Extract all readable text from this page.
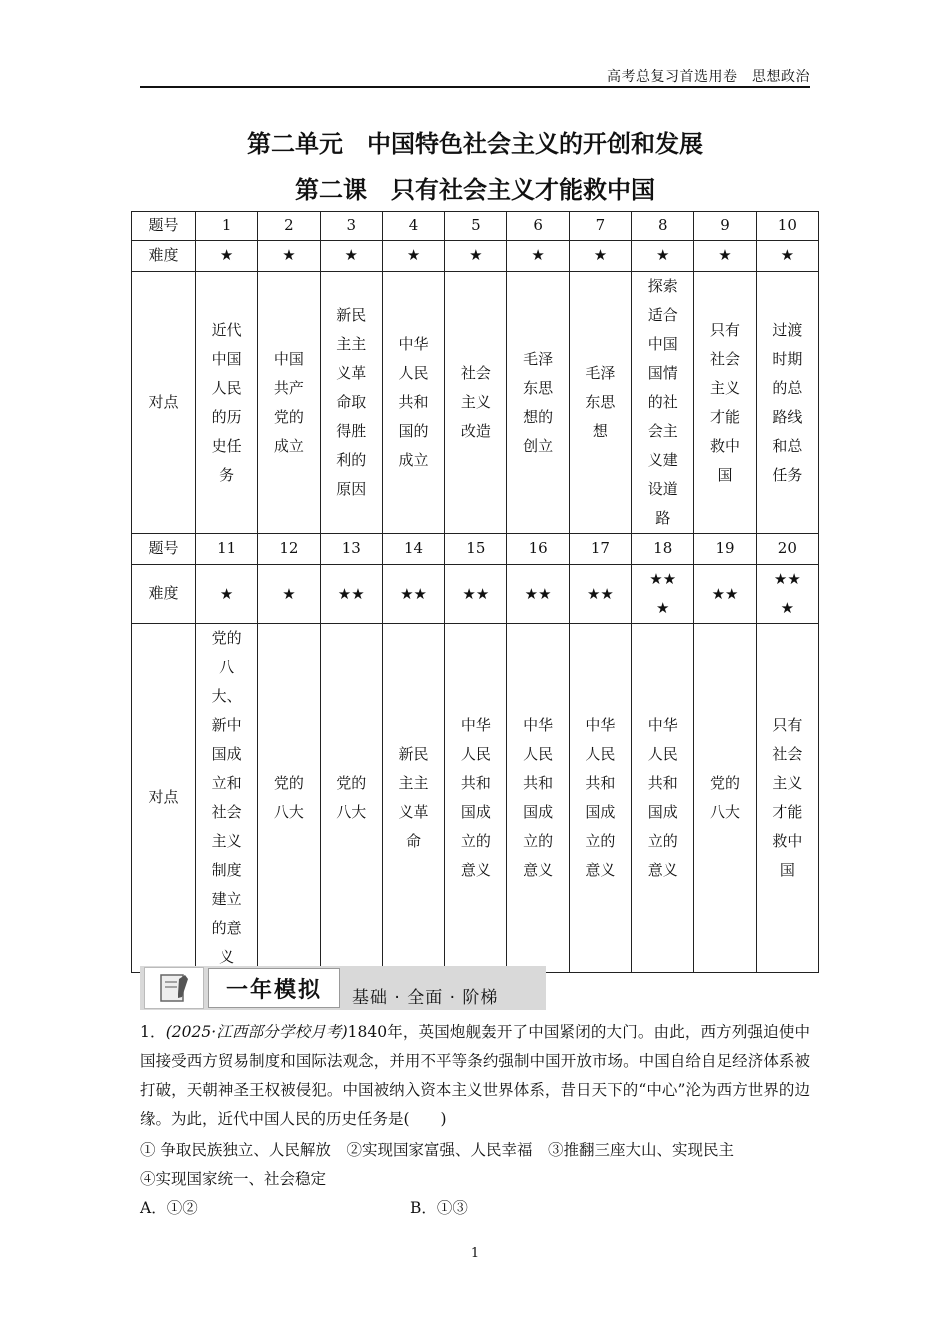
高考总复习首选用卷　思想政治
第二单元　中国特色社会主义的开创和发展
第二课　只有社会主义才能救中国
题号	1	2	3	4	5	6	7	8	9	10
难度	★	★	★	★	★	★	★	★	★	★
对点	近代中国人民的历史任务	中国共产党的成立	新民主主义革命取得胜利的原因	中华人民共和国的成立	社会主义改造	毛泽东思想的创立	毛泽东思想	探索适合中国国情的社会主义建设道路	只有社会主义才能救中国	过渡时期的总路线和总任务
题号	11	12	13	14	15	16	17	18	19	20
难度	★	★	★★	★★	★★	★★	★★	★★★	★★	★★★
对点	党的八大、新中国成立和社会主义制度建立的意义	党的八大	党的八大	新民主主义革命	中华人民共和国成立的意义	中华人民共和国成立的意义	中华人民共和国成立的意义	中华人民共和国成立的意义	党的八大	只有社会主义才能救中国
一年模拟	基础 · 全面 · 阶梯
1．(2025·江西部分学校月考)1840年，英国炮舰轰开了中国紧闭的大门。由此，西方列强迫使中国接受西方贸易制度和国际法观念，并用不平等条约强制中国开放市场。中国自给自足经济体系被打破，天朝神圣王权被侵犯。中国被纳入资本主义世界体系，昔日天下的“中心”沦为西方世界的边缘。为此，近代中国人民的历史任务是(　　)
① 争取民族独立、人民解放　 ②实现国家富强、人民幸福　 ③推翻三座大山、实现民主
④实现国家统一、社会稳定
A．①②	B．①③
1
